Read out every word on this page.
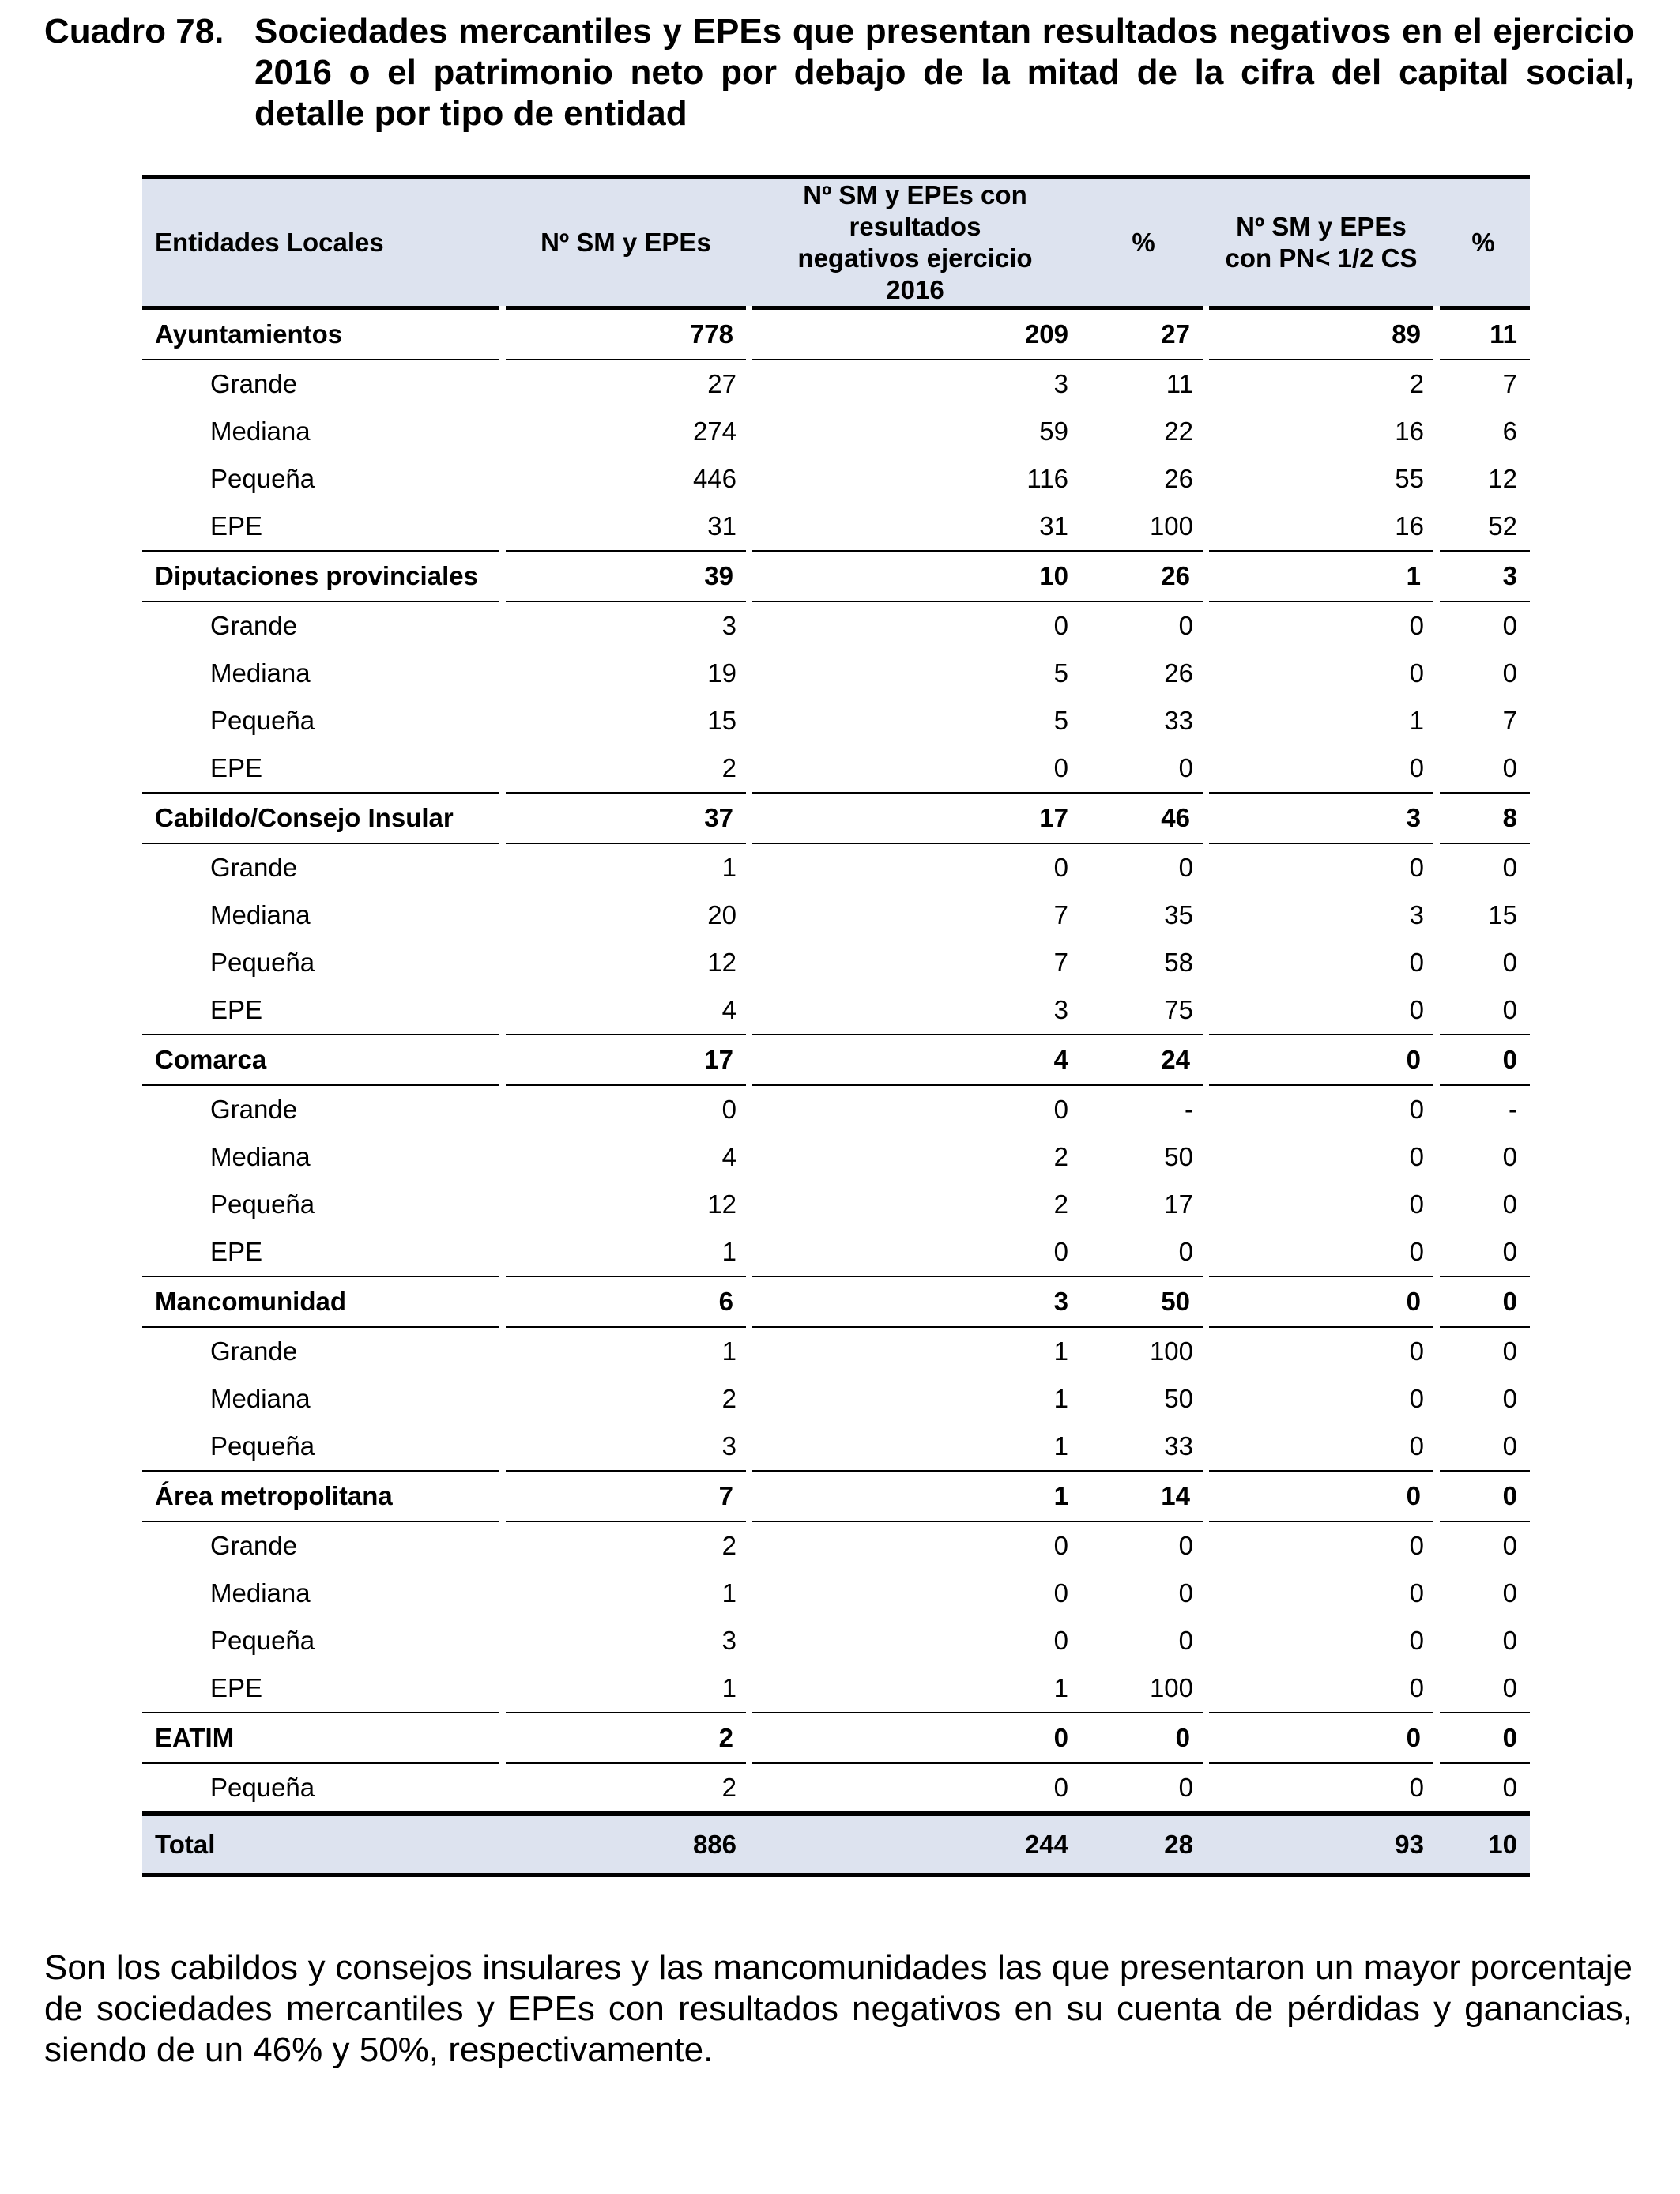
Cuadro 78. Sociedades mercantiles y EPEs que presentan resultados negativos en el ejercicio 2016 o el patrimonio neto por debajo de la mitad de la cifra del capital social, detalle por tipo de entidad
Entidades Locales	Nº SM y EPEs	Nº SM y EPEs con resultados negativos ejercicio 2016	%	Nº SM y EPEs con PN< 1/2 CS	%
Ayuntamientos	778	209	27	89	11
Grande	27	3	11	2	7
Mediana	274	59	22	16	6
Pequeña	446	116	26	55	12
EPE	31	31	100	16	52
Diputaciones provinciales	39	10	26	1	3
Grande	3	0	0	0	0
Mediana	19	5	26	0	0
Pequeña	15	5	33	1	7
EPE	2	0	0	0	0
Cabildo/Consejo Insular	37	17	46	3	8
Grande	1	0	0	0	0
Mediana	20	7	35	3	15
Pequeña	12	7	58	0	0
EPE	4	3	75	0	0
Comarca	17	4	24	0	0
Grande	0	0	-	0	-
Mediana	4	2	50	0	0
Pequeña	12	2	17	0	0
EPE	1	0	0	0	0
Mancomunidad	6	3	50	0	0
Grande	1	1	100	0	0
Mediana	2	1	50	0	0
Pequeña	3	1	33	0	0
Área metropolitana	7	1	14	0	0
Grande	2	0	0	0	0
Mediana	1	0	0	0	0
Pequeña	3	0	0	0	0
EPE	1	1	100	0	0
EATIM	2	0	0	0	0
Pequeña	2	0	0	0	0
Total	886	244	28	93	10
Son los cabildos y consejos insulares y las mancomunidades las que presentaron un mayor porcentaje de sociedades mercantiles y EPEs con resultados negativos en su cuenta de pérdidas y ganancias, siendo de un 46% y 50%, respectivamente.
